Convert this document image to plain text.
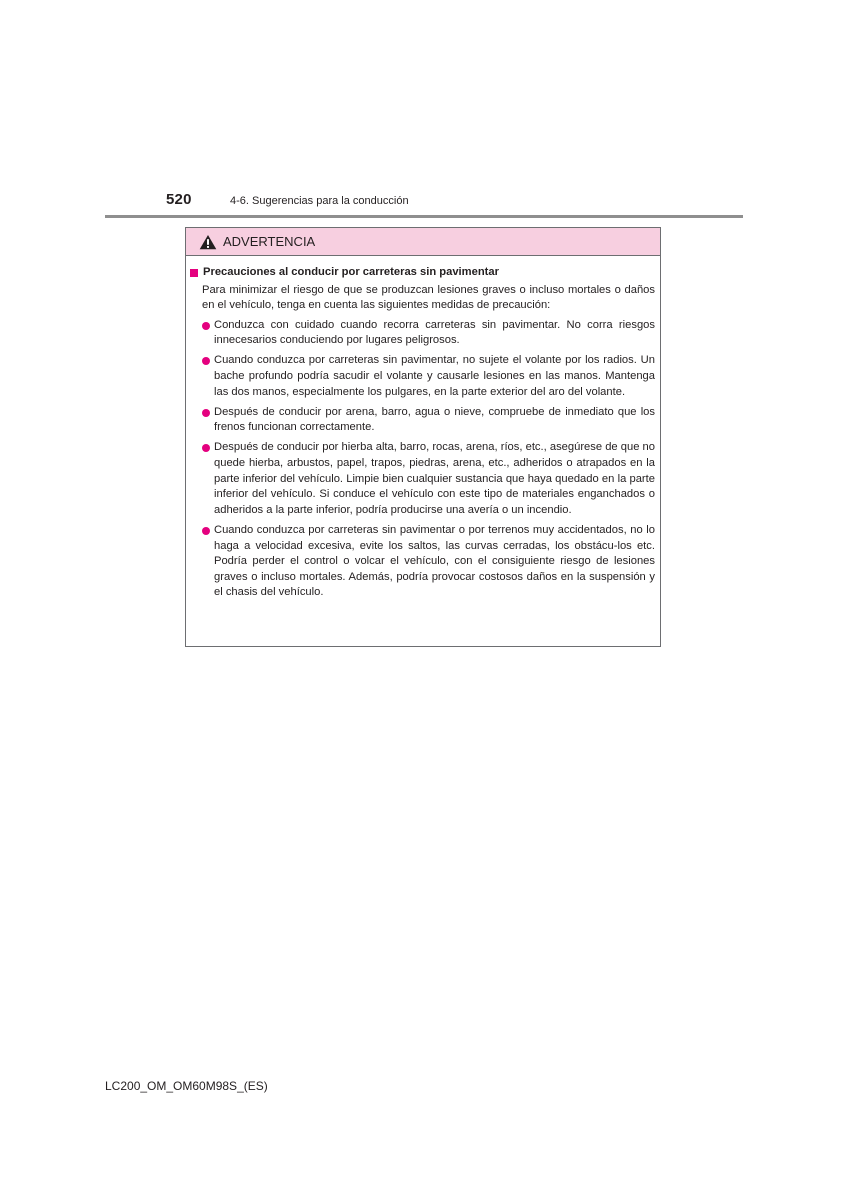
520	4-6. Sugerencias para la conducción
ADVERTENCIA
Precauciones al conducir por carreteras sin pavimentar
Para minimizar el riesgo de que se produzcan lesiones graves o incluso mortales o daños en el vehículo, tenga en cuenta las siguientes medidas de precaución:
Conduzca con cuidado cuando recorra carreteras sin pavimentar. No corra riesgos innecesarios conduciendo por lugares peligrosos.
Cuando conduzca por carreteras sin pavimentar, no sujete el volante por los radios. Un bache profundo podría sacudir el volante y causarle lesiones en las manos. Mantenga las dos manos, especialmente los pulgares, en la parte exterior del aro del volante.
Después de conducir por arena, barro, agua o nieve, compruebe de inmediato que los frenos funcionan correctamente.
Después de conducir por hierba alta, barro, rocas, arena, ríos, etc., asegúrese de que no quede hierba, arbustos, papel, trapos, piedras, arena, etc., adheridos o atrapados en la parte inferior del vehículo. Limpie bien cualquier sustancia que haya quedado en la parte inferior del vehículo. Si conduce el vehículo con este tipo de materiales enganchados o adheridos a la parte inferior, podría producirse una avería o un incendio.
Cuando conduzca por carreteras sin pavimentar o por terrenos muy accidentados, no lo haga a velocidad excesiva, evite los saltos, las curvas cerradas, los obstácu-los etc. Podría perder el control o volcar el vehículo, con el consiguiente riesgo de lesiones graves o incluso mortales. Además, podría provocar costosos daños en la suspensión y el chasis del vehículo.
LC200_OM_OM60M98S_(ES)
